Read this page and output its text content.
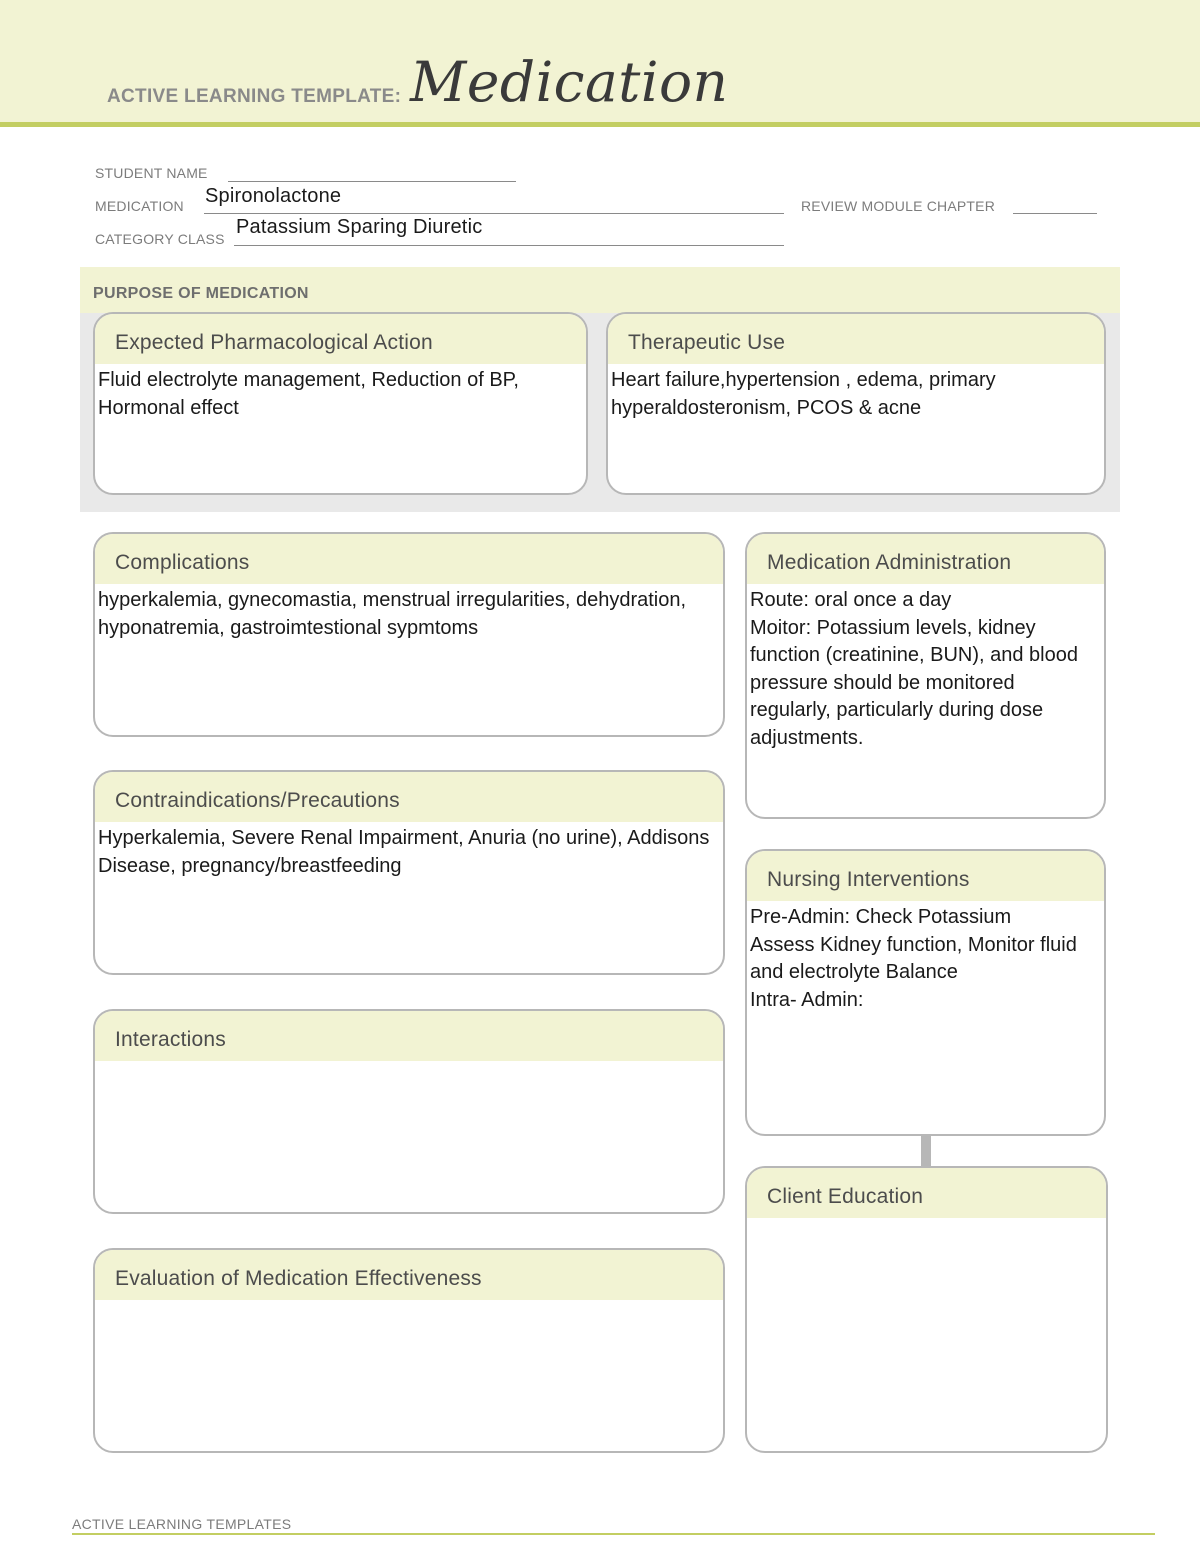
ACTIVE LEARNING TEMPLATE: Medication
STUDENT NAME
MEDICATION Spironolactone	REVIEW MODULE CHAPTER
CATEGORY CLASS
Patassium Sparing Diuretic
PURPOSE OF MEDICATION
Expected Pharmacological Action
Fluid electrolyte management, Reduction of BP, Hormonal effect
Therapeutic Use
Heart failure,hypertension , edema, primary hyperaldosteronism, PCOS & acne
Complications
hyperkalemia, gynecomastia, menstrual irregularities, dehydration, hyponatremia, gastroimtestional sypmtoms
Contraindications/Precautions
Hyperkalemia, Severe Renal Impairment, Anuria (no urine), Addisons Disease, pregnancy/breastfeeding
Interactions
Evaluation of Medication Effectiveness
Medication Administration
Route: oral once a day
Moitor: Potassium levels, kidney function (creatinine, BUN), and blood pressure should be monitored regularly, particularly during dose adjustments.
Nursing Interventions
Pre-Admin: Check Potassium
Assess Kidney function, Monitor fluid and electrolyte Balance
Intra- Admin:
Client Education
ACTIVE LEARNING TEMPLATES
